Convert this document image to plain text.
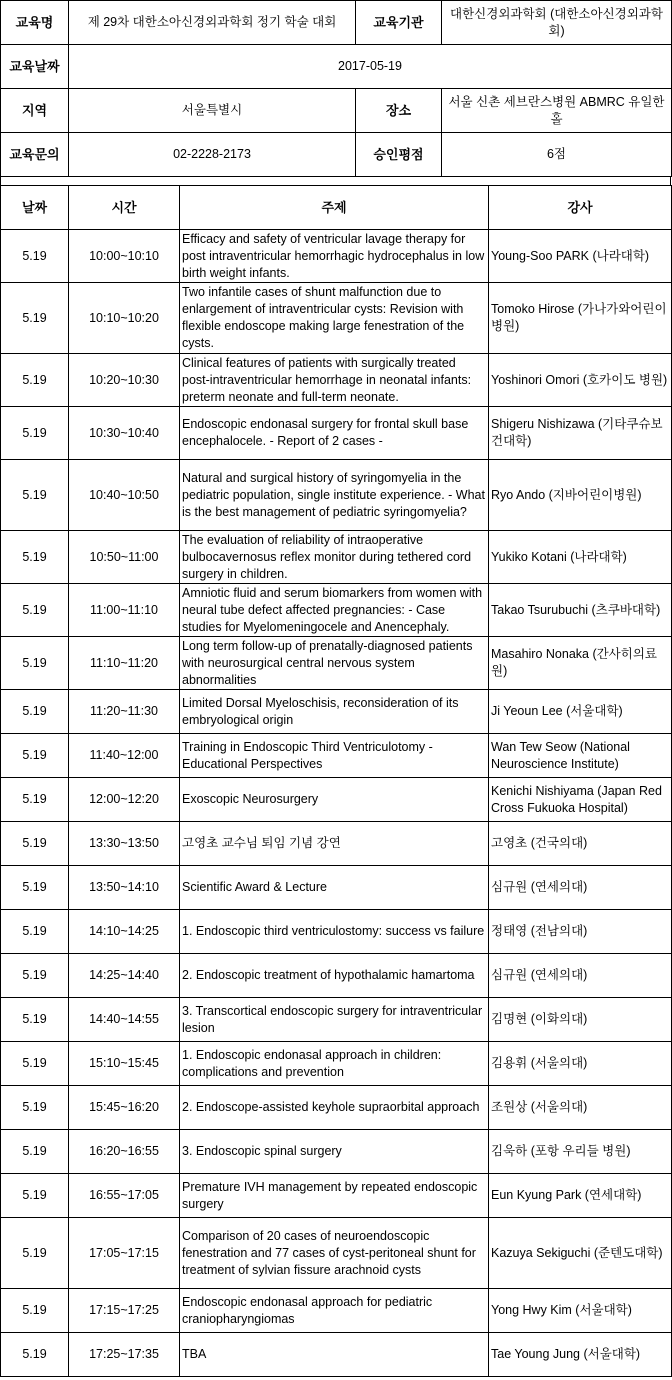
교육명	제 29차 대한소아신경외과학회 정기 학술 대회	교육기관	대한신경외과학회 (대한소아신경외과학회)
교육날짜	2017-05-19		
지역	서울특별시	장소	서울 신촌 세브란스병원 ABMRC 유일한홀
교육문의	02-2228-2173	승인평점	6점
날짜	시간	주제	강사
5.19	10:00~10:10	Efficacy and safety of ventricular lavage therapy for post intraventricular hemorrhagic hydrocephalus in low birth weight infants.	Young-Soo PARK (나라대학)
5.19	10:10~10:20	Two infantile cases of shunt malfunction due to enlargement of intraventricular cysts: Revision with flexible endoscope making large fenestration of the cysts.	Tomoko Hirose (가나가와어린이병원)
5.19	10:20~10:30	Clinical features of patients with surgically treated post-intraventricular hemorrhage in neonatal infants: preterm neonate and full-term neonate.	Yoshinori Omori (호카이도 병원)
5.19	10:30~10:40	Endoscopic endonasal surgery for frontal skull base encephalocele. - Report of 2 cases -	Shigeru Nishizawa (기타쿠슈보건대학)
5.19	10:40~10:50	Natural and surgical history of syringomyelia in the pediatric population, single institute experience. - What is the best management of pediatric syringomyelia?	Ryo Ando (지바어린이병원)
5.19	10:50~11:00	The evaluation of reliability of intraoperative bulbocavernosus reflex monitor during tethered cord surgery in children.	Yukiko Kotani (나라대학)
5.19	11:00~11:10	Amniotic fluid and serum biomarkers from women with neural tube defect affected pregnancies: - Case studies for Myelomeningocele and Anencephaly.	Takao Tsurubuchi (츠쿠바대학)
5.19	11:10~11:20	Long term follow-up of prenatally-diagnosed patients with neurosurgical central nervous system abnormalities	Masahiro Nonaka (간사히의료원)
5.19	11:20~11:30	Limited Dorsal Myeloschisis, reconsideration of its embryological origin	Ji Yeoun Lee (서울대학)
5.19	11:40~12:00	Training in Endoscopic Third Ventriculotomy - Educational Perspectives	Wan Tew Seow (National Neuroscience Institute)
5.19	12:00~12:20	Exoscopic Neurosurgery	Kenichi Nishiyama (Japan Red Cross Fukuoka Hospital)
5.19	13:30~13:50	고영초 교수님 퇴임 기념 강연	고영초 (건국의대)
5.19	13:50~14:10	Scientific Award & Lecture	심규원 (연세의대)
5.19	14:10~14:25	1. Endoscopic third ventriculostomy: success vs failure	정태영 (전남의대)
5.19	14:25~14:40	2. Endoscopic treatment of hypothalamic hamartoma	심규원 (연세의대)
5.19	14:40~14:55	3. Transcortical endoscopic surgery for intraventricular lesion	김명현 (이화의대)
5.19	15:10~15:45	1. Endoscopic endonasal approach in children: complications and prevention	김용휘 (서울의대)
5.19	15:45~16:20	2. Endoscope-assisted keyhole supraorbital approach	조원상 (서울의대)
5.19	16:20~16:55	3. Endoscopic spinal surgery	김욱하 (포항 우리들 병원)
5.19	16:55~17:05	Premature IVH management by repeated endoscopic surgery	Eun Kyung Park (연세대학)
5.19	17:05~17:15	Comparison of 20 cases of neuroendoscopic fenestration and 77 cases of cyst-peritoneal shunt for treatment of sylvian fissure arachnoid cysts	Kazuya Sekiguchi (준텐도대학)
5.19	17:15~17:25	Endoscopic endonasal approach for pediatric craniopharyngiomas	Yong Hwy Kim (서울대학)
5.19	17:25~17:35	TBA	Tae Young Jung (서울대학)
